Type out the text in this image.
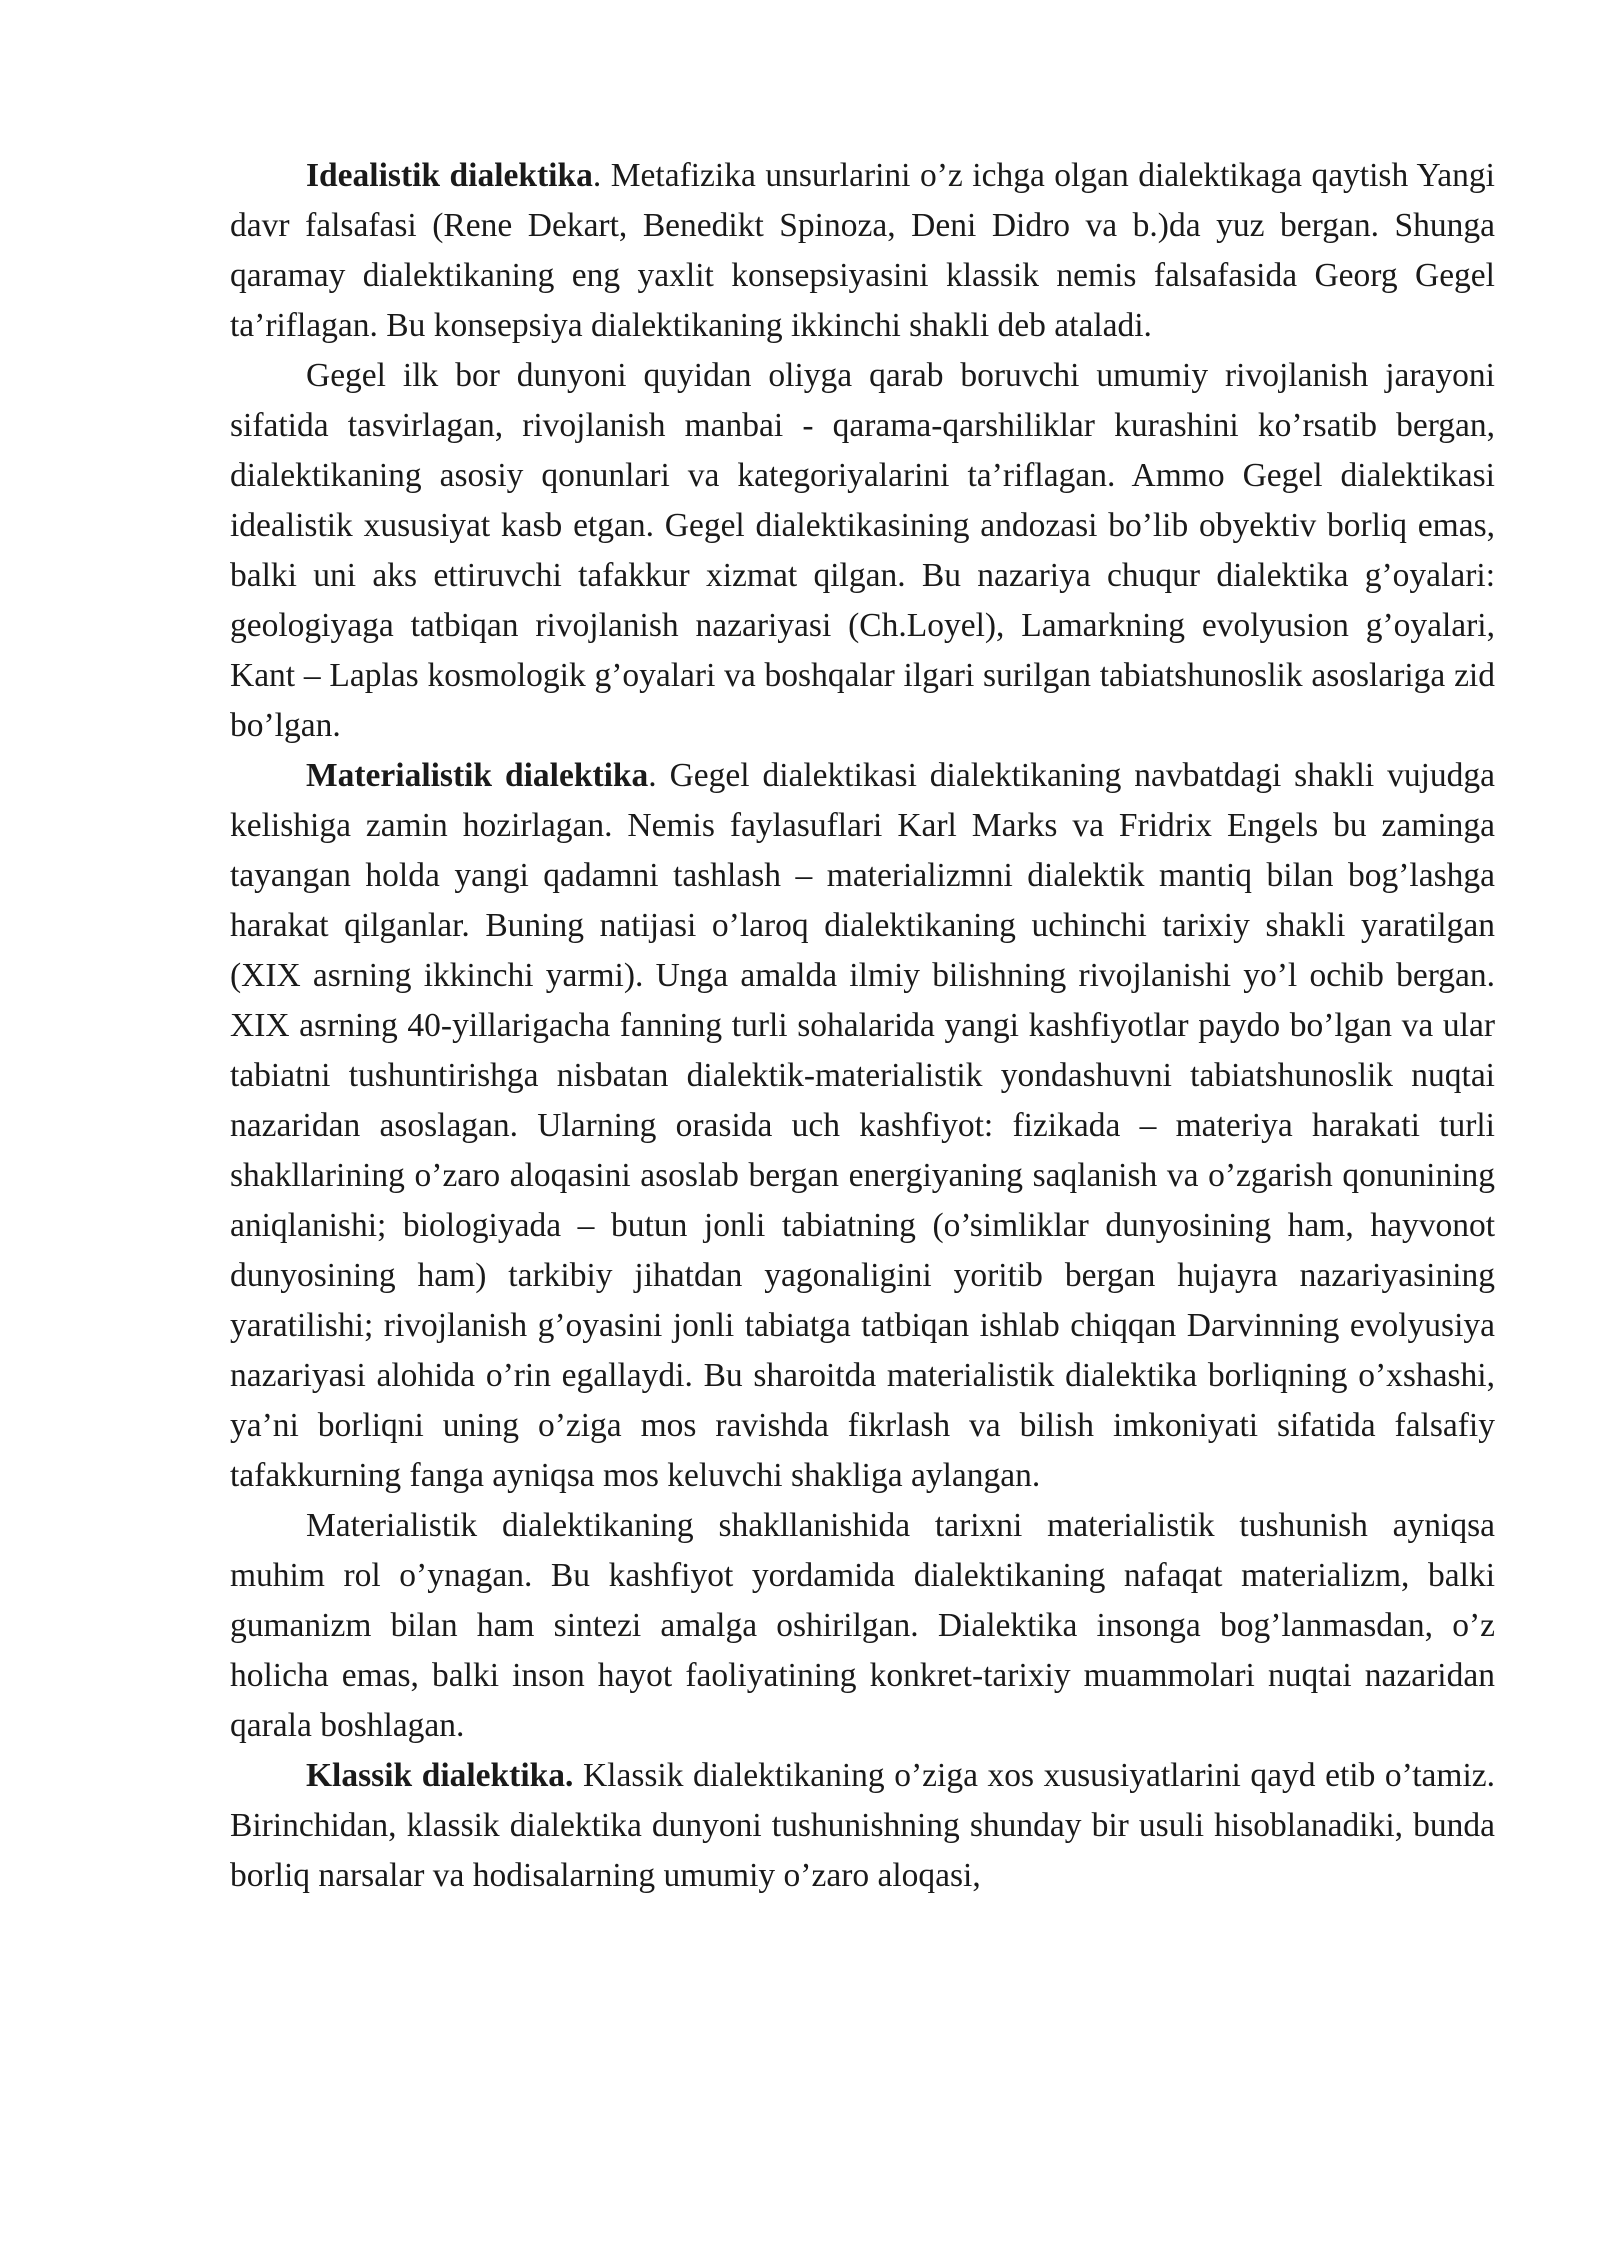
Idealistik dialektika. Metafizika unsurlarini o’z ichga olgan dialektikaga qaytish Yangi davr falsafasi (Rene Dekart, Benedikt Spinoza, Deni Didro va b.)da yuz bergan. Shunga qaramay dialektikaning eng yaxlit konsepsiyasini klassik nemis falsafasida Georg Gegel ta’riflagan. Bu konsepsiya dialektikaning ikkinchi shakli deb ataladi.

Gegel ilk bor dunyoni quyidan oliyga qarab boruvchi umumiy rivojlanish jarayoni sifatida tasvirlagan, rivojlanish manbai - qarama-qarshiliklar kurashini ko’rsatib bergan, dialektikaning asosiy qonunlari va kategoriyalarini ta’riflagan. Ammo Gegel dialektikasi idealistik xususiyat kasb etgan. Gegel dialektikasining andozasi bo’lib obyektiv borliq emas, balki uni aks ettiruvchi tafakkur xizmat qilgan. Bu nazariya chuqur dialektika g’oyalari: geologiyaga tatbiqan rivojlanish nazariyasi (Ch.Loyel), Lamarkning evolyusion g’oyalari, Kant – Laplas kosmologik g’oyalari va boshqalar ilgari surilgan tabiatshunoslik asoslariga zid bo’lgan.

Materialistik dialektika. Gegel dialektikasi dialektikaning navbatdagi shakli vujudga kelishiga zamin hozirlagan. Nemis faylasuflari Karl Marks va Fridrix Engels bu zaminga tayangan holda yangi qadamni tashlash – materializmni dialektik mantiq bilan bog’lashga harakat qilganlar. Buning natijasi o’laroq dialektikaning uchinchi tarixiy shakli yaratilgan (XIX asrning ikkinchi yarmi). Unga amalda ilmiy bilishning rivojlanishi yo’l ochib bergan. XIX asrning 40-yillarigacha fanning turli sohalarida yangi kashfiyotlar paydo bo’lgan va ular tabiatni tushuntirishga nisbatan dialektik-materialistik yondashuvni tabiatshunoslik nuqtai nazaridan asoslagan. Ularning orasida uch kashfiyot: fizikada – materiya harakati turli shakllarining o’zaro aloqasini asoslab bergan energiyaning saqlanish va o’zgarish qonunining aniqlanishi; biologiyada – butun jonli tabiatning (o’simliklar dunyosining ham, hayvonot dunyosining ham) tarkibiy jihatdan yagonaligini yoritib bergan hujayra nazariyasining yaratilishi; rivojlanish g’oyasini jonli tabiatga tatbiqan ishlab chiqqan Darvinning evolyusiya nazariyasi alohida o’rin egallaydi. Bu sharoitda materialistik dialektika borliqning o’xshashi, ya’ni borliqni uning o’ziga mos ravishda fikrlash va bilish imkoniyati sifatida falsafiy tafakkurning fanga ayniqsa mos keluvchi shakliga aylangan.

Materialistik dialektikaning shakllanishida tarixni materialistik tushunish ayniqsa muhim rol o’ynagan. Bu kashfiyot yordamida dialektikaning nafaqat materializm, balki gumanizm bilan ham sintezi amalga oshirilgan. Dialektika insonga bog’lanmasdan, o’z holicha emas, balki inson hayot faoliyatining konkret-tarixiy muammolari nuqtai nazaridan qarala boshlagan.

Klassik dialektika. Klassik dialektikaning o’ziga xos xususiyatlarini qayd etib o’tamiz. Birinchidan, klassik dialektika dunyoni tushunishning shunday bir usuli hisoblanadiki, bunda borliq narsalar va hodisalarning umumiy o’zaro aloqasi,
